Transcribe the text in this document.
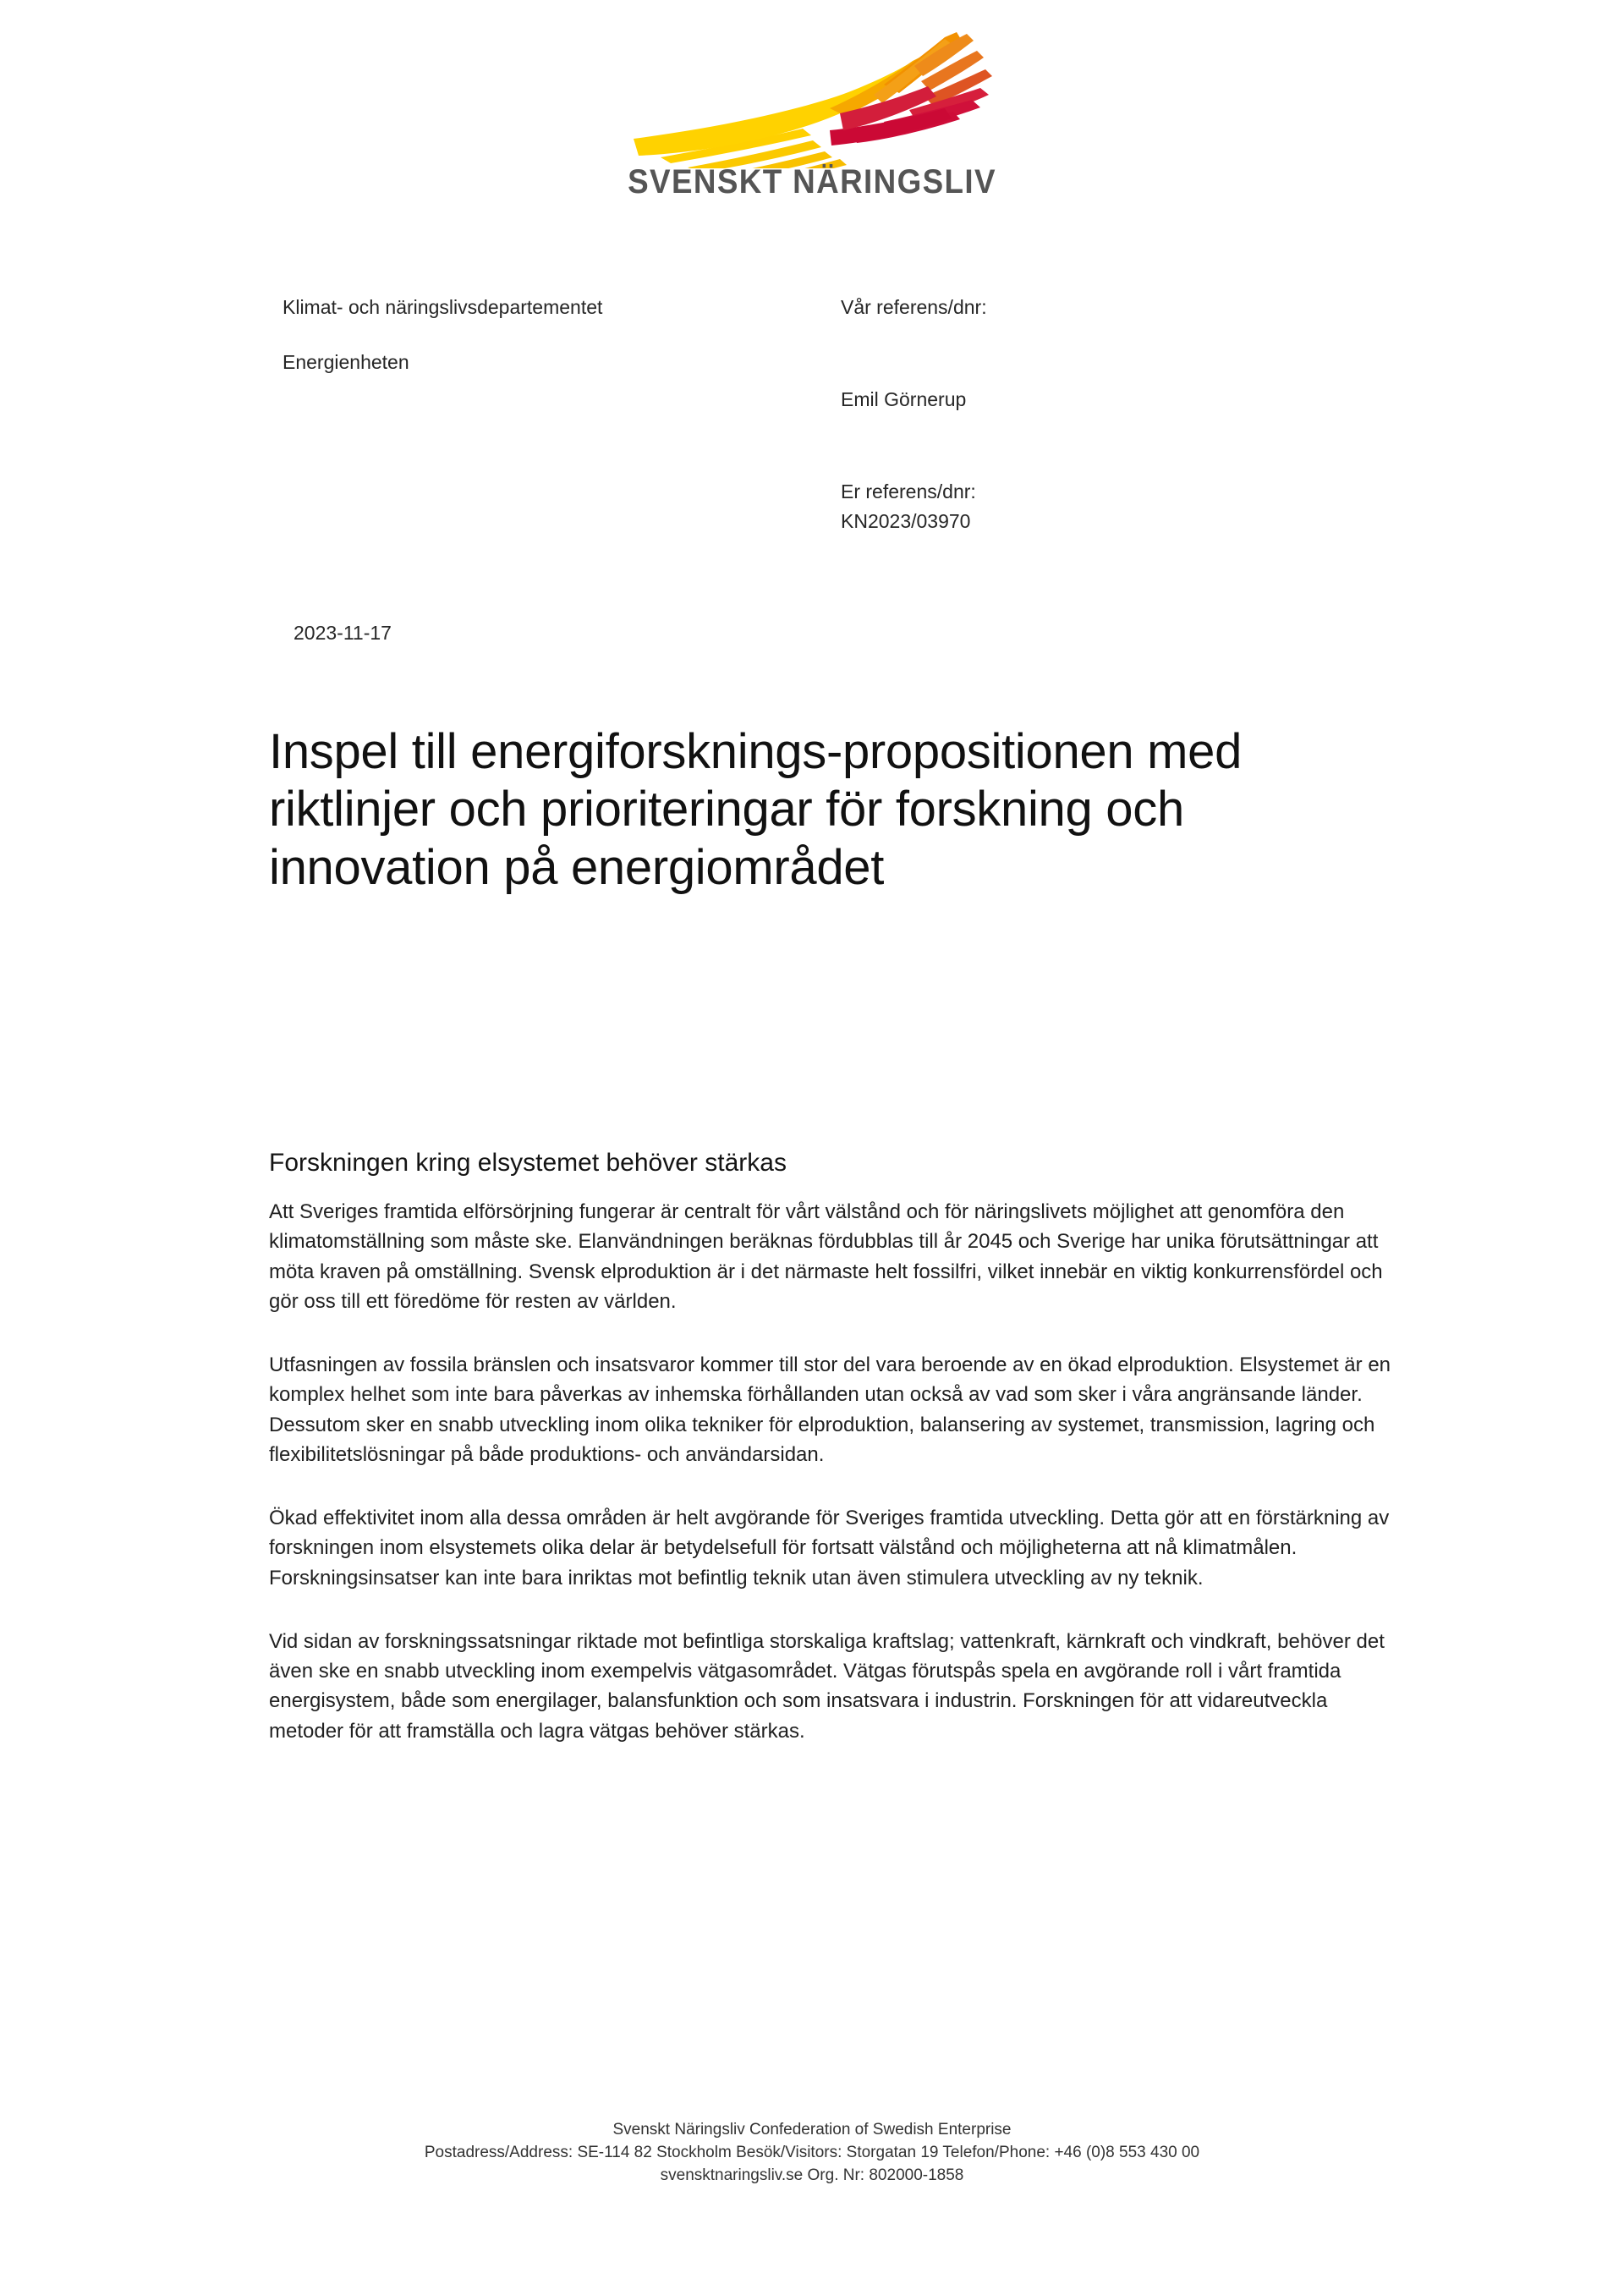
SVENSKT NÄRINGSLIV

Klimat- och näringslivsdepartementet

Energienheten

Vår referens/dnr:

Emil Görnerup

Er referens/dnr:

KN2023/03970

2023-11-17
Inspel till energiforsknings-propositionen med riktlinjer och prioriteringar för forskning och innovation på energiområdet
Forskningen kring elsystemet behöver stärkas

Att Sveriges framtida elförsörjning fungerar är centralt för vårt välstånd och för näringslivets möjlighet att genomföra den klimatomställning som måste ske. Elanvändningen beräknas fördubblas till år 2045 och Sverige har unika förutsättningar att möta kraven på omställning. Svensk elproduktion är i det närmaste helt fossilfri, vilket innebär en viktig konkurrensfördel och gör oss till ett föredöme för resten av världen.

Utfasningen av fossila bränslen och insatsvaror kommer till stor del vara beroende av en ökad elproduktion. Elsystemet är en komplex helhet som inte bara påverkas av inhemska förhållanden utan också av vad som sker i våra angränsande länder. Dessutom sker en snabb utveckling inom olika tekniker för elproduktion, balansering av systemet, transmission, lagring och flexibilitetslösningar på både produktions- och användarsidan.

Ökad effektivitet inom alla dessa områden är helt avgörande för Sveriges framtida utveckling. Detta gör att en förstärkning av forskningen inom elsystemets olika delar är betydelsefull för fortsatt välstånd och möjligheterna att nå klimatmålen. Forskningsinsatser kan inte bara inriktas mot befintlig teknik utan även stimulera utveckling av ny teknik.

Vid sidan av forskningssatsningar riktade mot befintliga storskaliga kraftslag; vattenkraft, kärnkraft och vindkraft, behöver det även ske en snabb utveckling inom exempelvis vätgasområdet. Vätgas förutspås spela en avgörande roll i vårt framtida energisystem, både som energilager, balansfunktion och som insatsvara i industrin. Forskningen för att vidareutveckla metoder för att framställa och lagra vätgas behöver stärkas.

Svenskt Näringsliv Confederation of Swedish Enterprise

Postadress/Address: SE-114 82 Stockholm Besök/Visitors: Storgatan 19 Telefon/Phone: +46 (0)8 553 430 00

svensktnaringsliv.se Org. Nr: 802000-1858
